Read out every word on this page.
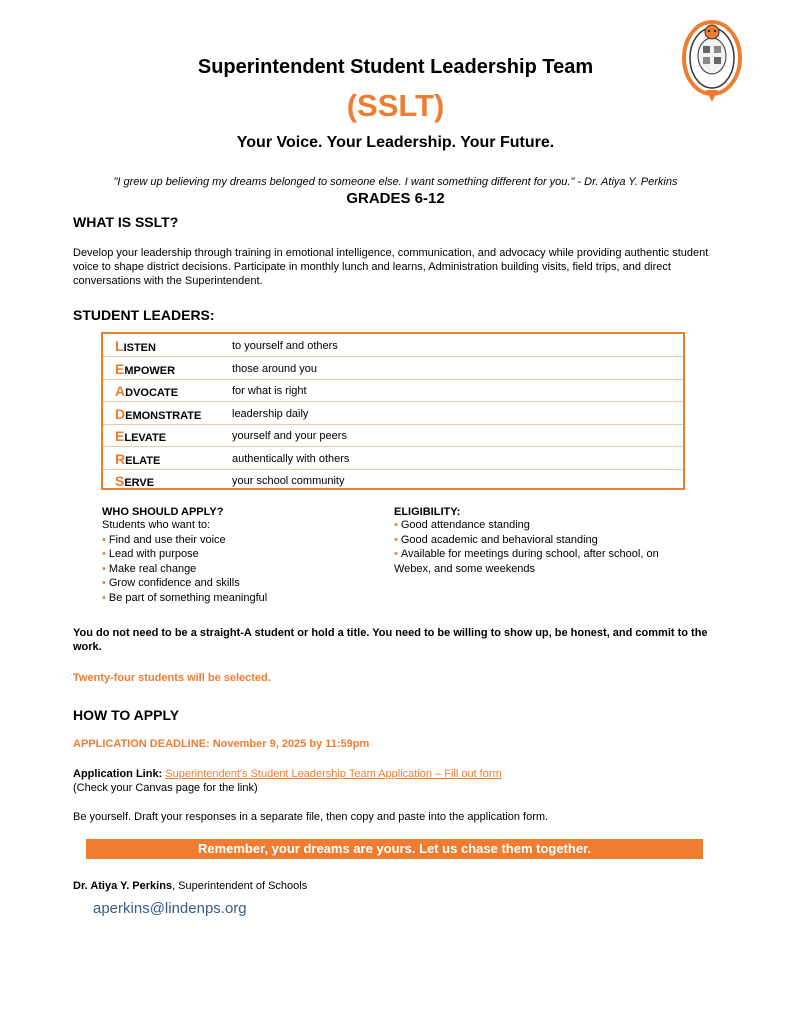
Superintendent Student Leadership Team
(SSLT)
Your Voice. Your Leadership. Your Future.
"I grew up believing my dreams belonged to someone else. I want something different for you." - Dr. Atiya Y. Perkins
GRADES 6-12
WHAT IS SSLT?
Develop your leadership through training in emotional intelligence, communication, and advocacy while providing authentic student voice to shape district decisions. Participate in monthly lunch and learns, Administration building visits, field trips, and direct conversations with the Superintendent.
STUDENT LEADERS:
LISTEN	to yourself and others
EMPOWER	those around you
ADVOCATE	for what is right
DEMONSTRATE	leadership daily
ELEVATE	yourself and your peers
RELATE	authentically with others
SERVE	your school community
WHO SHOULD APPLY?
Students who want to:
• Find and use their voice
• Lead with purpose
• Make real change
• Grow confidence and skills
• Be part of something meaningful
ELIGIBILITY:
• Good attendance standing
• Good academic and behavioral standing
• Available for meetings during school, after school, on
Webex, and some weekends
You do not need to be a straight-A student or hold a title. You need to be willing to show up, be honest, and commit to the work.
Twenty-four students will be selected.
HOW TO APPLY
APPLICATION DEADLINE: November 9, 2025 by 11:59pm
Application Link: Superintendent's Student Leadership Team Application – Fill out form
(Check your Canvas page for the link)
Be yourself. Draft your responses in a separate file, then copy and paste into the application form.
Remember, your dreams are yours. Let us chase them together.
Dr. Atiya Y. Perkins, Superintendent of Schools
aperkins@lindenps.org
